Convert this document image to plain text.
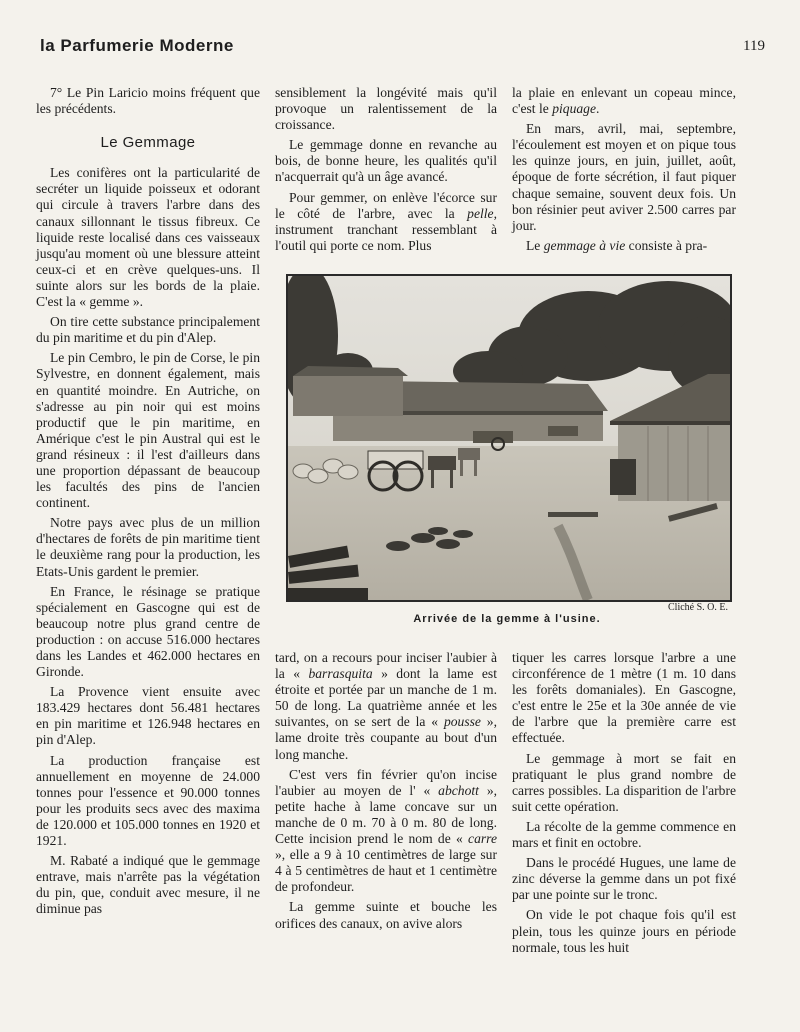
la Parfumerie Moderne	119

7° Le Pin Laricio moins fréquent que les précédents.

Le Gemmage

Les conifères ont la particularité de secréter un liquide poisseux et odorant qui circule à travers l'arbre dans des canaux sillonnant le tissus fibreux. Ce liquide reste localisé dans ces vaisseaux jusqu'au moment où une blessure atteint ceux-ci et en crève quelques-uns. Il suinte alors sur les bords de la plaie. C'est la « gemme ».

On tire cette substance principalement du pin maritime et du pin d'Alep.

Le pin Cembro, le pin de Corse, le pin Sylvestre, en donnent également, mais en quantité moindre. En Autriche, on s'adresse au pin noir qui est moins productif que le pin maritime, en Amérique c'est le pin Austral qui est le grand résineux : il l'est d'ailleurs dans une proportion dépassant de beaucoup les facultés des pins de l'ancien continent.

Notre pays avec plus de un million d'hectares de forêts de pin maritime tient le deuxième rang pour la production, les Etats-Unis gardent le premier.

En France, le résinage se pratique spécialement en Gascogne qui est de beaucoup notre plus grand centre de production : on accuse 516.000 hectares dans les Landes et 462.000 hectares en Gironde.

La Provence vient ensuite avec 183.429 hectares dont 56.481 hectares en pin maritime et 126.948 hectares en pin d'Alep.

La production française est annuellement en moyenne de 24.000 tonnes pour l'essence et 90.000 tonnes pour les produits secs avec des maxima de 120.000 et 105.000 tonnes en 1920 et 1921.

M. Rabaté a indiqué que le gemmage entrave, mais n'arrête pas la végétation du pin, que, conduit avec mesure, il ne diminue pas

sensiblement la longévité mais qu'il provoque un ralentissement de la croissance.

Le gemmage donne en revanche au bois, de bonne heure, les qualités qu'il n'acquerrait qu'à un âge avancé.

Pour gemmer, on enlève l'écorce sur le côté de l'arbre, avec la pelle, instrument tranchant ressemblant à l'outil qui porte ce nom. Plus

la plaie en enlevant un copeau mince, c'est le piquage.

En mars, avril, mai, septembre, l'écoulement est moyen et on pique tous les quinze jours, en juin, juillet, août, époque de forte sécrétion, il faut piquer chaque semaine, souvent deux fois. Un bon résinier peut aviver 2.500 carres par jour.

Le gemmage à vie consiste à pra-

Cliché S. O. E.
Arrivée de la gemme à l'usine.

tard, on a recours pour inciser l'aubier à la « barrasquita » dont la lame est étroite et portée par un manche de 1 m. 50 de long. La quatrième année et les suivantes, on se sert de la « pousse », lame droite très coupante au bout d'un long manche.

C'est vers fin février qu'on incise l'aubier au moyen de l' « abchott », petite hache à lame concave sur un manche de 0 m. 70 à 0 m. 80 de long. Cette incision prend le nom de « carre », elle a 9 à 10 centimètres de large sur 4 à 5 centimètres de haut et 1 centimètre de profondeur.

La gemme suinte et bouche les orifices des canaux, on avive alors

tiquer les carres lorsque l'arbre a une circonférence de 1 mètre (1 m. 10 dans les forêts domaniales). En Gascogne, c'est entre le 25e et la 30e année de vie de l'arbre que la première carre est effectuée.

Le gemmage à mort se fait en pratiquant le plus grand nombre de carres possibles. La disparition de l'arbre suit cette opération.

La récolte de la gemme commence en mars et finit en octobre.

Dans le procédé Hugues, une lame de zinc déverse la gemme dans un pot fixé par une pointe sur le tronc.

On vide le pot chaque fois qu'il est plein, tous les quinze jours en période normale, tous les huit
